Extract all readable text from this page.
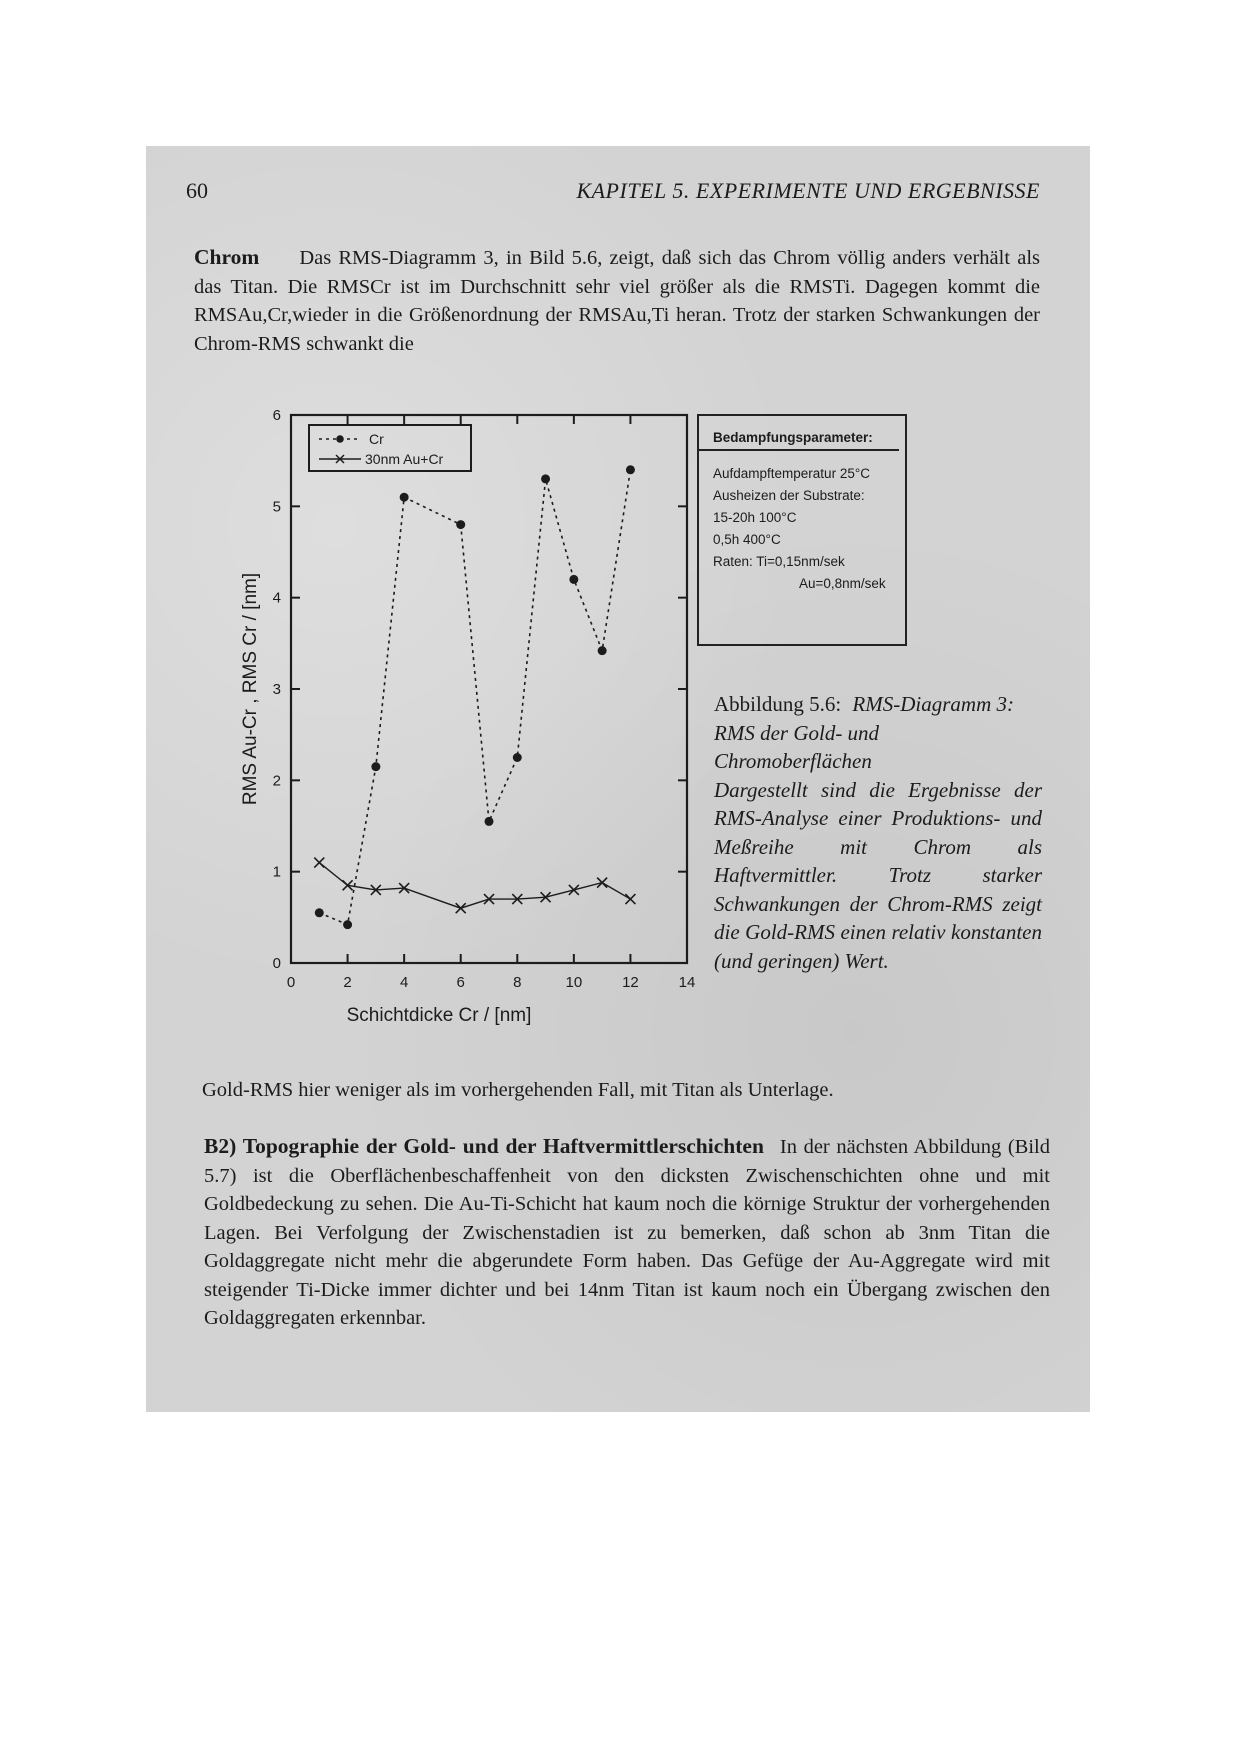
60	KAPITEL 5. EXPERIMENTE UND ERGEBNISSE
Chrom Das RMS-Diagramm 3, in Bild 5.6, zeigt, daß sich das Chrom völlig anders verhält als das Titan. Die RMSCr ist im Durchschnitt sehr viel größer als die RMSTi. Dagegen kommt die RMSAu,Cr,wieder in die Größenordnung der RMSAu,Ti heran. Trotz der starken Schwankungen der Chrom-RMS schwankt die
0	2	4	6	8	10	12	14
0
1
2
3
4
5
6
Schichtdicke Cr / [nm]
RMS Au-Cr , RMS Cr / [nm]
Cr
30nm Au+Cr
Bedampfungsparameter:
Aufdampftemperatur 25°C
Ausheizen der Substrate:
15-20h 100°C
0,5h 400°C
Raten: Ti=0,15nm/sek
Au=0,8nm/sek
Abbildung 5.6: RMS-Diagramm 3:
RMS der Gold- und Chromoberflächen
Dargestellt sind die Ergebnisse der RMS-Analyse einer Produktions- und Meßreihe mit Chrom als Haftvermittler. Trotz starker Schwankungen der Chrom-RMS zeigt die Gold-RMS einen relativ konstanten (und geringen) Wert.
Gold-RMS hier weniger als im vorhergehenden Fall, mit Titan als Unterlage.
B2) Topographie der Gold- und der Haftvermittlerschichten In der nächsten Abbildung (Bild 5.7) ist die Oberflächenbeschaffenheit von den dicksten Zwischenschichten ohne und mit Goldbedeckung zu sehen. Die Au-Ti-Schicht hat kaum noch die körnige Struktur der vorhergehenden Lagen. Bei Verfolgung der Zwischenstadien ist zu bemerken, daß schon ab 3nm Titan die Goldaggregate nicht mehr die abgerundete Form haben. Das Gefüge der Au-Aggregate wird mit steigender Ti-Dicke immer dichter und bei 14nm Titan ist kaum noch ein Übergang zwischen den Goldaggregaten erkennbar.
